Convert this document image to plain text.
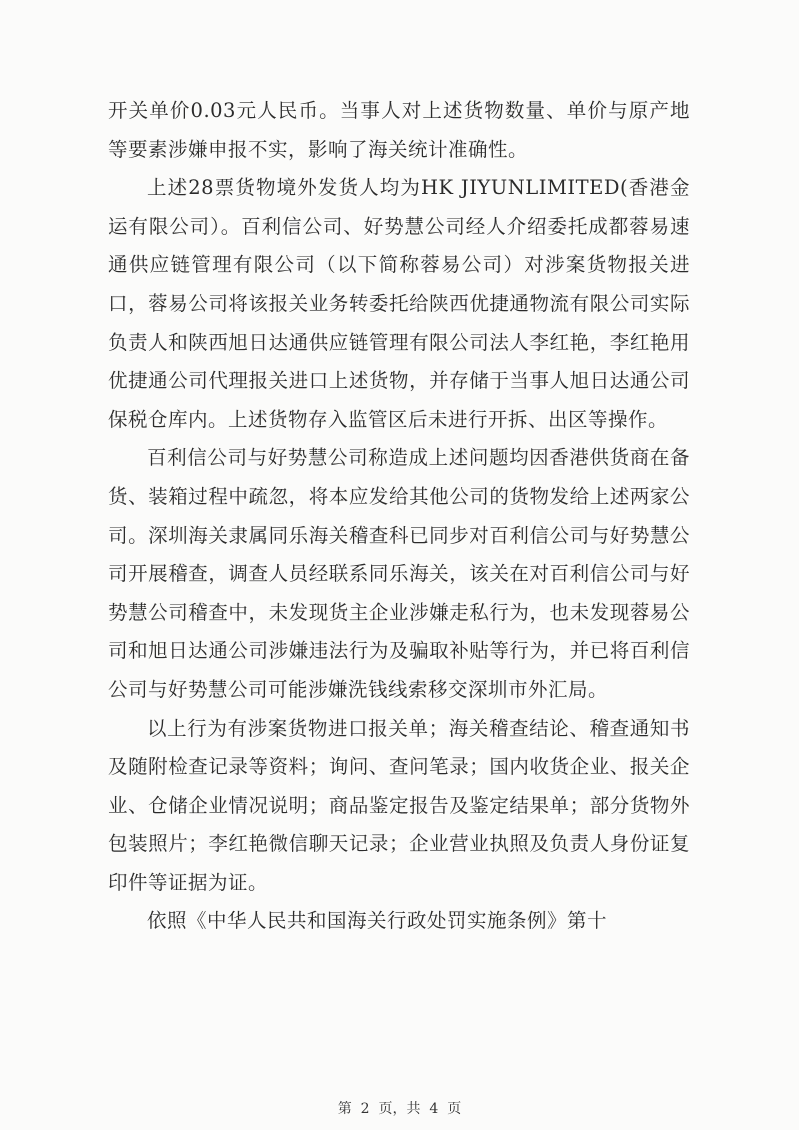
开关单价0.03元人民币。当事人对上述货物数量、单价与原产地等要素涉嫌申报不实，影响了海关统计准确性。

上述28票货物境外发货人均为HK JIYUNLIMITED(香港金运有限公司）。百利信公司、好势慧公司经人介绍委托成都蓉易速通供应链管理有限公司（以下简称蓉易公司）对涉案货物报关进口，蓉易公司将该报关业务转委托给陕西优捷通物流有限公司实际负责人和陕西旭日达通供应链管理有限公司法人李红艳，李红艳用优捷通公司代理报关进口上述货物，并存储于当事人旭日达通公司保税仓库内。上述货物存入监管区后未进行开拆、出区等操作。

百利信公司与好势慧公司称造成上述问题均因香港供货商在备货、装箱过程中疏忽，将本应发给其他公司的货物发给上述两家公司。深圳海关隶属同乐海关稽查科已同步对百利信公司与好势慧公司开展稽查，调查人员经联系同乐海关，该关在对百利信公司与好势慧公司稽查中，未发现货主企业涉嫌走私行为，也未发现蓉易公司和旭日达通公司涉嫌违法行为及骗取补贴等行为，并已将百利信公司与好势慧公司可能涉嫌洗钱线索移交深圳市外汇局。

以上行为有涉案货物进口报关单；海关稽查结论、稽查通知书及随附检查记录等资料；询问、查问笔录；国内收货企业、报关企业、仓储企业情况说明；商品鉴定报告及鉴定结果单；部分货物外包装照片；李红艳微信聊天记录；企业营业执照及负责人身份证复印件等证据为证。

依照《中华人民共和国海关行政处罚实施条例》第十

第  2  页，共  4  页
